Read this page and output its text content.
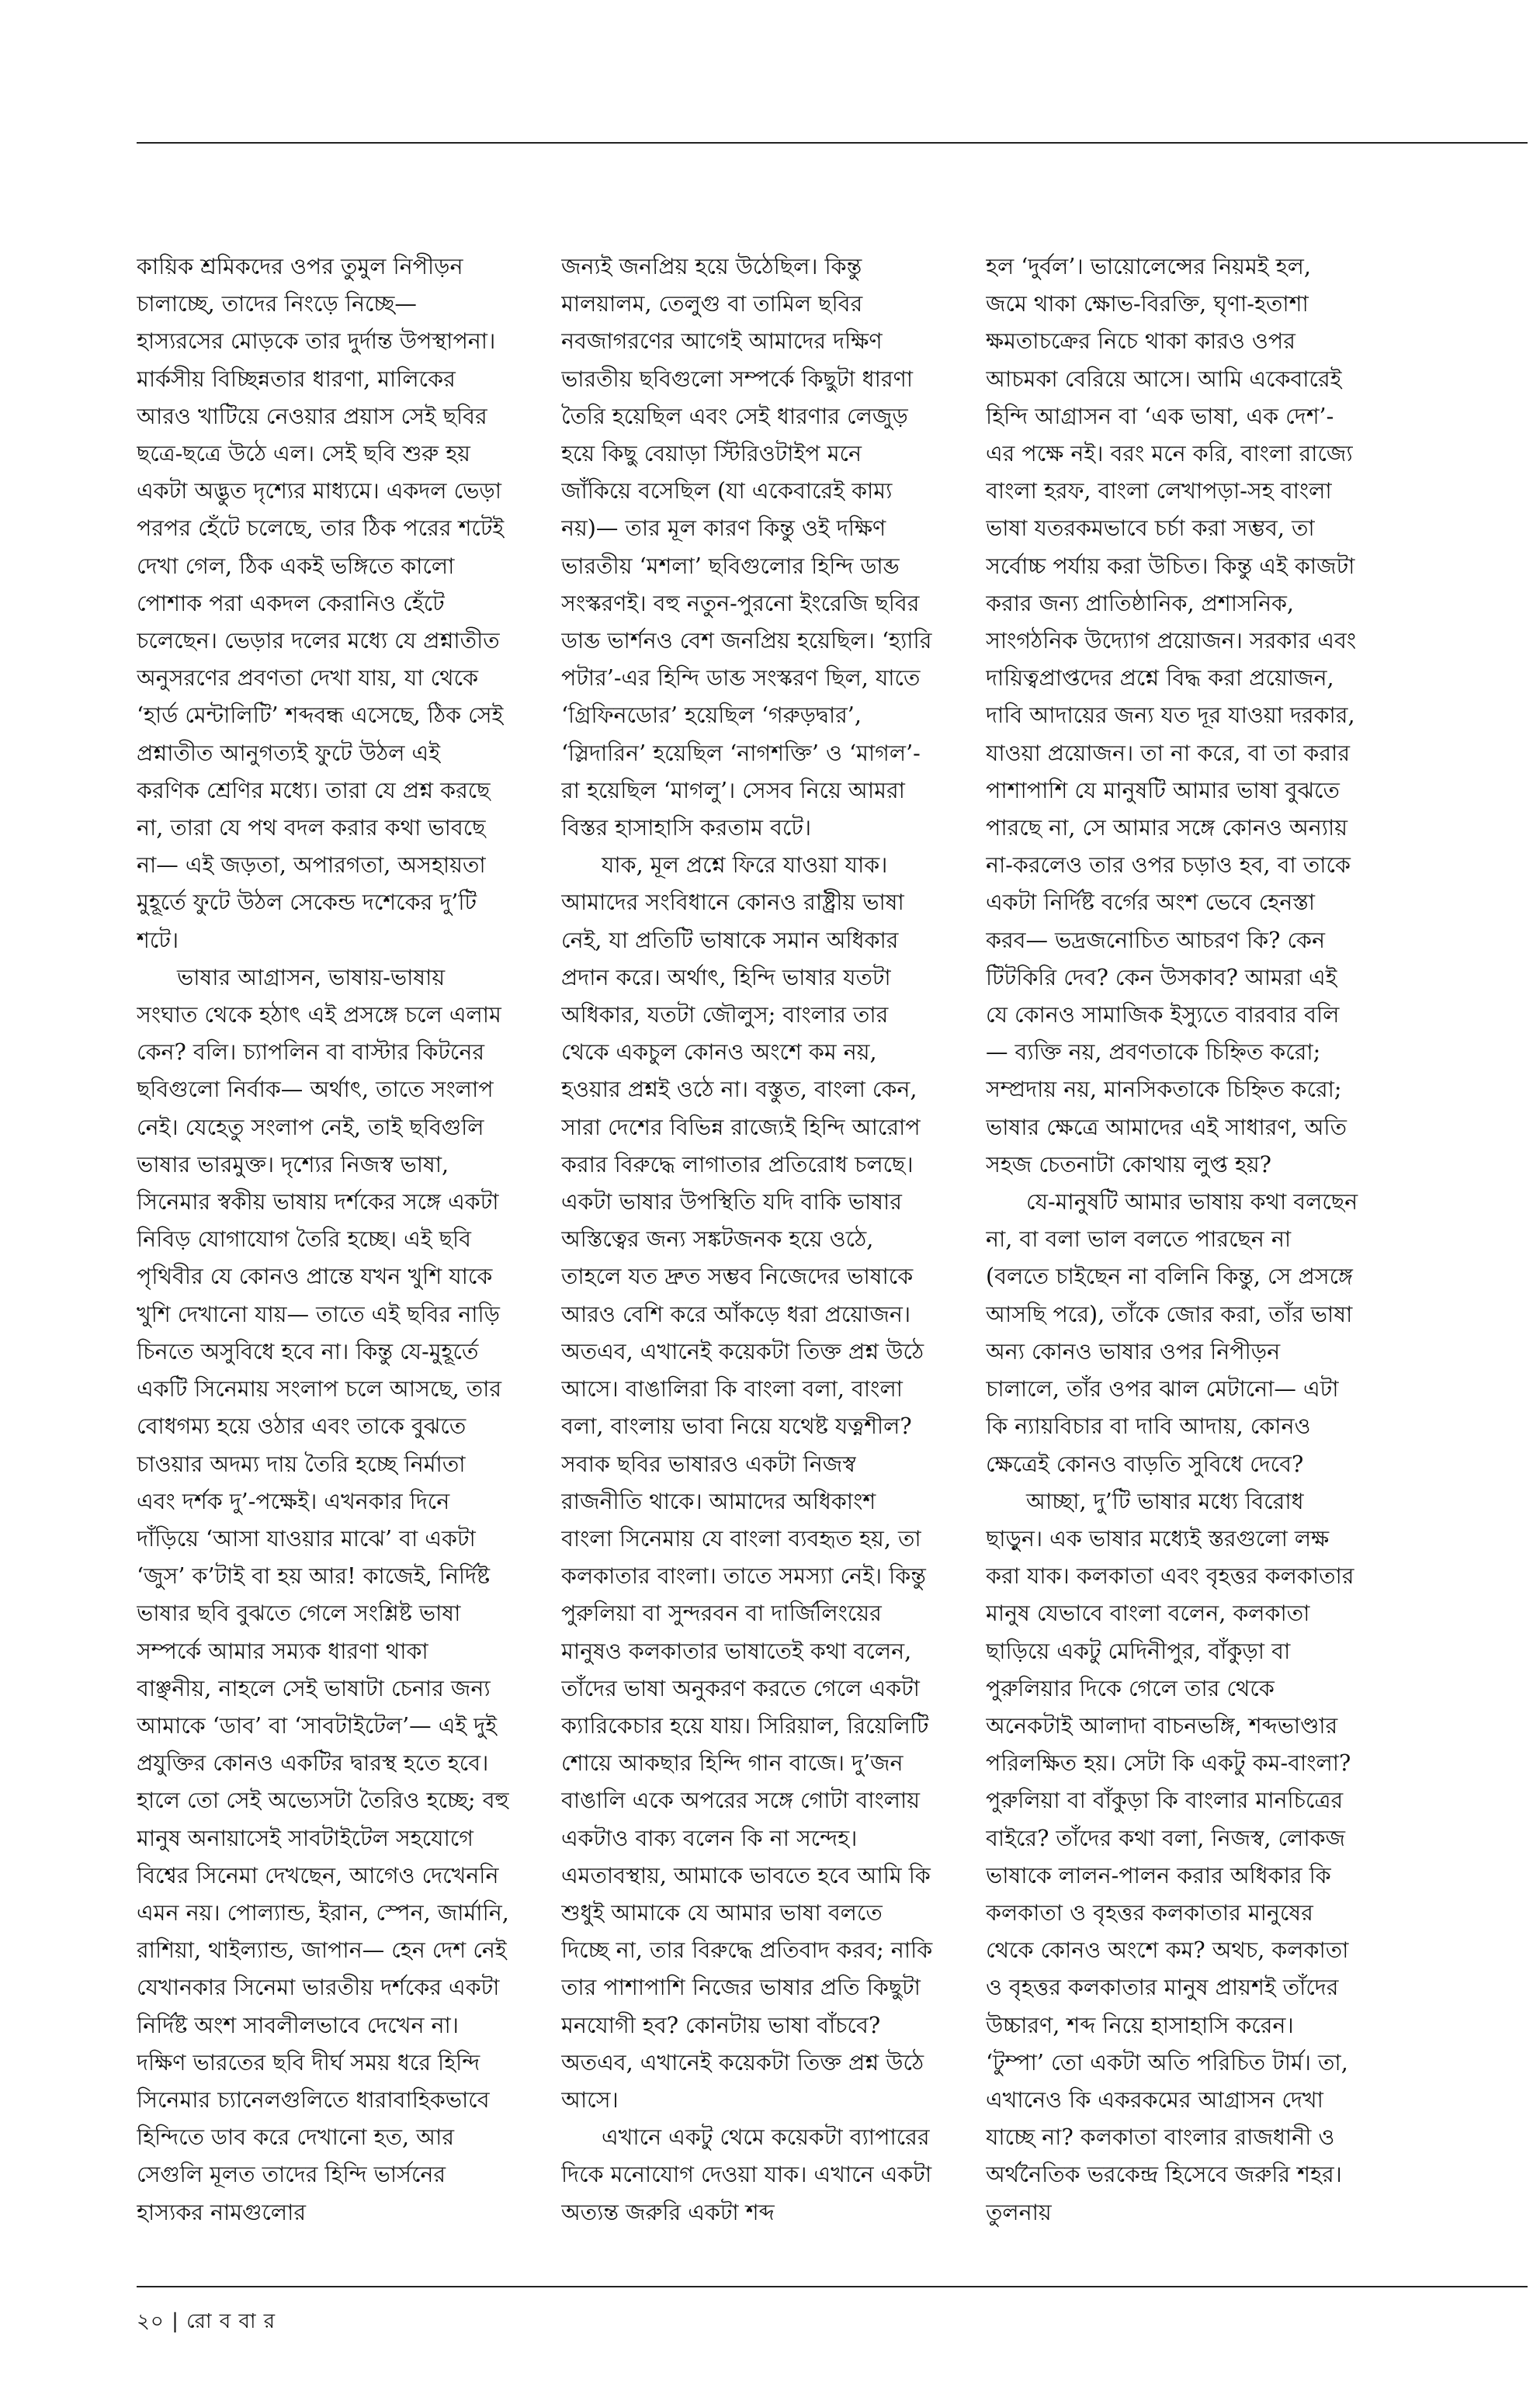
কায়িক শ্রমিকদের ওপর তুমুল নিপীড়ন চালাচ্ছে, তাদের নিংড়ে নিচ্ছে— হাস্যরসের মোড়কে তার দুর্দান্ত উপস্থাপনা। মার্কসীয় বিচ্ছিন্নতার ধারণা, মালিকের আরও খাটিয়ে নেওয়ার প্রয়াস সেই ছবির ছত্রে-ছত্রে উঠে এল। সেই ছবি শুরু হয় একটা অদ্ভুত দৃশ্যের মাধ্যমে। একদল ভেড়া পরপর হেঁটে চলেছে, তার ঠিক পরের শটেই দেখা গেল, ঠিক একই ভঙ্গিতে কালো পোশাক পরা একদল কেরানিও হেঁটে চলেছেন। ভেড়ার দলের মধ্যে যে প্রশ্নাতীত অনুসরণের প্রবণতা দেখা যায়, যা থেকে ‘হার্ড মেন্টালিটি’ শব্দবন্ধ এসেছে, ঠিক সেই প্রশ্নাতীত আনুগত্যই ফুটে উঠল এই করণিক শ্রেণির মধ্যে। তারা যে প্রশ্ন করছে না, তারা যে পথ বদল করার কথা ভাবছে না— এই জড়তা, অপারগতা, অসহায়তা মুহূর্তে ফুটে উঠল সেকেন্ড দশেকের দু’টি শটে।

ভাষার আগ্রাসন, ভাষায়-ভাষায় সংঘাত থেকে হঠাৎ এই প্রসঙ্গে চলে এলাম কেন? বলি। চ্যাপলিন বা বাস্টার কিটনের ছবিগুলো নির্বাক— অর্থাৎ, তাতে সংলাপ নেই। যেহেতু সংলাপ নেই, তাই ছবিগুলি ভাষার ভারমুক্ত। দৃশ্যের নিজস্ব ভাষা, সিনেমার স্বকীয় ভাষায় দর্শকের সঙ্গে একটা নিবিড় যোগাযোগ তৈরি হচ্ছে। এই ছবি পৃথিবীর যে কোনও প্রান্তে যখন খুশি যাকে খুশি দেখানো যায়— তাতে এই ছবির নাড়ি চিনতে অসুবিধে হবে না। কিন্তু যে-মুহূর্তে একটি সিনেমায় সংলাপ চলে আসছে, তার বোধগম্য হয়ে ওঠার এবং তাকে বুঝতে চাওয়ার অদম্য দায় তৈরি হচ্ছে নির্মাতা এবং দর্শক দু’-পক্ষেই। এখনকার দিনে দাঁড়িয়ে ‘আসা যাওয়ার মাঝে’ বা একটা ‘জুস’ ক’টাই বা হয় আর! কাজেই, নির্দিষ্ট ভাষার ছবি বুঝতে গেলে সংশ্লিষ্ট ভাষা সম্পর্কে আমার সম্যক ধারণা থাকা বাঞ্ছনীয়, নাহলে সেই ভাষাটা চেনার জন্য আমাকে ‘ডাব’ বা ‘সাবটাইটেল’— এই দুই প্রযুক্তির কোনও একটির দ্বারস্থ হতে হবে। হালে তো সেই অভ্যেসটা তৈরিও হচ্ছে; বহু মানুষ অনায়াসেই সাবটাইটেল সহযোগে বিশ্বের সিনেমা দেখছেন, আগেও দেখেননি এমন নয়। পোল্যান্ড, ইরান, স্পেন, জার্মানি, রাশিয়া, থাইল্যান্ড, জাপান— হেন দেশ নেই যেখানকার সিনেমা ভারতীয় দর্শকের একটা নির্দিষ্ট অংশ সাবলীলভাবে দেখেন না। দক্ষিণ ভারতের ছবি দীর্ঘ সময় ধরে হিন্দি সিনেমার চ্যানেলগুলিতে ধারাবাহিকভাবে হিন্দিতে ডাব করে দেখানো হত, আর সেগুলি মূলত তাদের হিন্দি ভার্সনের হাস্যকর নামগুলোর

জন্যই জনপ্রিয় হয়ে উঠেছিল। কিন্তু মালয়ালম, তেলুগু বা তামিল ছবির নবজাগরণের আগেই আমাদের দক্ষিণ ভারতীয় ছবিগুলো সম্পর্কে কিছুটা ধারণা তৈরি হয়েছিল এবং সেই ধারণার লেজুড় হয়ে কিছু বেয়াড়া স্টিরিওটাইপ মনে জাঁকিয়ে বসেছিল (যা একেবারেই কাম্য নয়)— তার মূল কারণ কিন্তু ওই দক্ষিণ ভারতীয় ‘মশলা’ ছবিগুলোর হিন্দি ডাব্ড সংস্করণই। বহু নতুন-পুরনো ইংরেজি ছবির ডাব্ড ভার্শনও বেশ জনপ্রিয় হয়েছিল। ‘হ্যারি পটার’-এর হিন্দি ডাব্ড সংস্করণ ছিল, যাতে ‘গ্রিফিনডোর’ হয়েছিল ‘গরুড়দ্বার’, ‘স্লিদারিন’ হয়েছিল ‘নাগশক্তি’ ও ‘মাগল’-রা হয়েছিল ‘মাগলু’। সেসব নিয়ে আমরা বিস্তর হাসাহাসি করতাম বটে।

যাক, মূল প্রশ্নে ফিরে যাওয়া যাক। আমাদের সংবিধানে কোনও রাষ্ট্রীয় ভাষা নেই, যা প্রতিটি ভাষাকে সমান অধিকার প্রদান করে। অর্থাৎ, হিন্দি ভাষার যতটা অধিকার, যতটা জৌলুস; বাংলার তার থেকে একচুল কোনও অংশে কম নয়, হওয়ার প্রশ্নই ওঠে না। বস্তুত, বাংলা কেন, সারা দেশের বিভিন্ন রাজ্যেই হিন্দি আরোপ করার বিরুদ্ধে লাগাতার প্রতিরোধ চলছে। একটা ভাষার উপস্থিতি যদি বাকি ভাষার অস্তিত্বের জন্য সঙ্কটজনক হয়ে ওঠে, তাহলে যত দ্রুত সম্ভব নিজেদের ভাষাকে আরও বেশি করে আঁকড়ে ধরা প্রয়োজন। অতএব, এখানেই কয়েকটা তিক্ত প্রশ্ন উঠে আসে। বাঙালিরা কি বাংলা বলা, বাংলা বলা, বাংলায় ভাবা নিয়ে যথেষ্ট যত্নশীল? সবাক ছবির ভাষারও একটা নিজস্ব রাজনীতি থাকে। আমাদের অধিকাংশ বাংলা সিনেমায় যে বাংলা ব্যবহৃত হয়, তা কলকাতার বাংলা। তাতে সমস্যা নেই। কিন্তু পুরুলিয়া বা সুন্দরবন বা দার্জিলিংয়ের মানুষও কলকাতার ভাষাতেই কথা বলেন, তাঁদের ভাষা অনুকরণ করতে গেলে একটা ক্যারিকেচার হয়ে যায়। সিরিয়াল, রিয়েলিটি শোয়ে আকছার হিন্দি গান বাজে। দু’জন বাঙালি একে অপরের সঙ্গে গোটা বাংলায় একটাও বাক্য বলেন কি না সন্দেহ। এমতাবস্থায়, আমাকে ভাবতে হবে আমি কি শুধুই আমাকে যে আমার ভাষা বলতে দিচ্ছে না, তার বিরুদ্ধে প্রতিবাদ করব; নাকি তার পাশাপাশি নিজের ভাষার প্রতি কিছুটা মনযোগী হব? কোনটায় ভাষা বাঁচবে? অতএব, এখানেই কয়েকটা তিক্ত প্রশ্ন উঠে আসে।

এখানে একটু থেমে কয়েকটা ব্যাপারের দিকে মনোযোগ দেওয়া যাক। এখানে একটা অত্যন্ত জরুরি একটা শব্দ

হল ‘দুর্বল’। ভায়োলেন্সের নিয়মই হল, জমে থাকা ক্ষোভ-বিরক্তি, ঘৃণা-হতাশা ক্ষমতাচক্রের নিচে থাকা কারও ওপর আচমকা বেরিয়ে আসে। আমি একেবারেই হিন্দি আগ্রাসন বা ‘এক ভাষা, এক দেশ’-এর পক্ষে নই। বরং মনে করি, বাংলা রাজ্যে বাংলা হরফ, বাংলা লেখাপড়া-সহ বাংলা ভাষা যতরকমভাবে চর্চা করা সম্ভব, তা সর্বোচ্চ পর্যায় করা উচিত। কিন্তু এই কাজটা করার জন্য প্রাতিষ্ঠানিক, প্রশাসনিক, সাংগঠনিক উদ্যোগ প্রয়োজন। সরকার এবং দায়িত্বপ্রাপ্তদের প্রশ্নে বিদ্ধ করা প্রয়োজন, দাবি আদায়ের জন্য যত দূর যাওয়া দরকার, যাওয়া প্রয়োজন। তা না করে, বা তা করার পাশাপাশি যে মানুষটি আমার ভাষা বুঝতে পারছে না, সে আমার সঙ্গে কোনও অন্যায় না-করলেও তার ওপর চড়াও হব, বা তাকে একটা নির্দিষ্ট বর্গের অংশ ভেবে হেনস্তা করব— ভদ্রজনোচিত আচরণ কি? কেন টিটকিরি দেব? কেন উসকাব? আমরা এই যে কোনও সামাজিক ইস্যুতে বারবার বলি— ব্যক্তি নয়, প্রবণতাকে চিহ্নিত করো; সম্প্রদায় নয়, মানসিকতাকে চিহ্নিত করো; ভাষার ক্ষেত্রে আমাদের এই সাধারণ, অতি সহজ চেতনাটা কোথায় লুপ্ত হয়?

যে-মানুষটি আমার ভাষায় কথা বলছেন না, বা বলা ভাল বলতে পারছেন না (বলতে চাইছেন না বলিনি কিন্তু, সে প্রসঙ্গে আসছি পরে), তাঁকে জোর করা, তাঁর ভাষা অন্য কোনও ভাষার ওপর নিপীড়ন চালালে, তাঁর ওপর ঝাল মেটানো— এটা কি ন্যায়বিচার বা দাবি আদায়, কোনও ক্ষেত্রেই কোনও বাড়তি সুবিধে দেবে?

আচ্ছা, দু’টি ভাষার মধ্যে বিরোধ ছাড়ুন। এক ভাষার মধ্যেই স্তরগুলো লক্ষ করা যাক। কলকাতা এবং বৃহত্তর কলকাতার মানুষ যেভাবে বাংলা বলেন, কলকাতা ছাড়িয়ে একটু মেদিনীপুর, বাঁকুড়া বা পুরুলিয়ার দিকে গেলে তার থেকে অনেকটাই আলাদা বাচনভঙ্গি, শব্দভাণ্ডার পরিলক্ষিত হয়। সেটা কি একটু কম-বাংলা? পুরুলিয়া বা বাঁকুড়া কি বাংলার মানচিত্রের বাইরে? তাঁদের কথা বলা, নিজস্ব, লোকজ ভাষাকে লালন-পালন করার অধিকার কি কলকাতা ও বৃহত্তর কলকাতার মানুষের থেকে কোনও অংশে কম? অথচ, কলকাতা ও বৃহত্তর কলকাতার মানুষ প্রায়শই তাঁদের উচ্চারণ, শব্দ নিয়ে হাসাহাসি করেন। ‘টুম্পা’ তো একটা অতি পরিচিত টার্ম। তা, এখানেও কি একরকমের আগ্রাসন দেখা যাচ্ছে না? কলকাতা বাংলার রাজধানী ও অর্থনৈতিক ভরকেন্দ্র হিসেবে জরুরি শহর। তুলনায়

২০ | রো ব বা র
